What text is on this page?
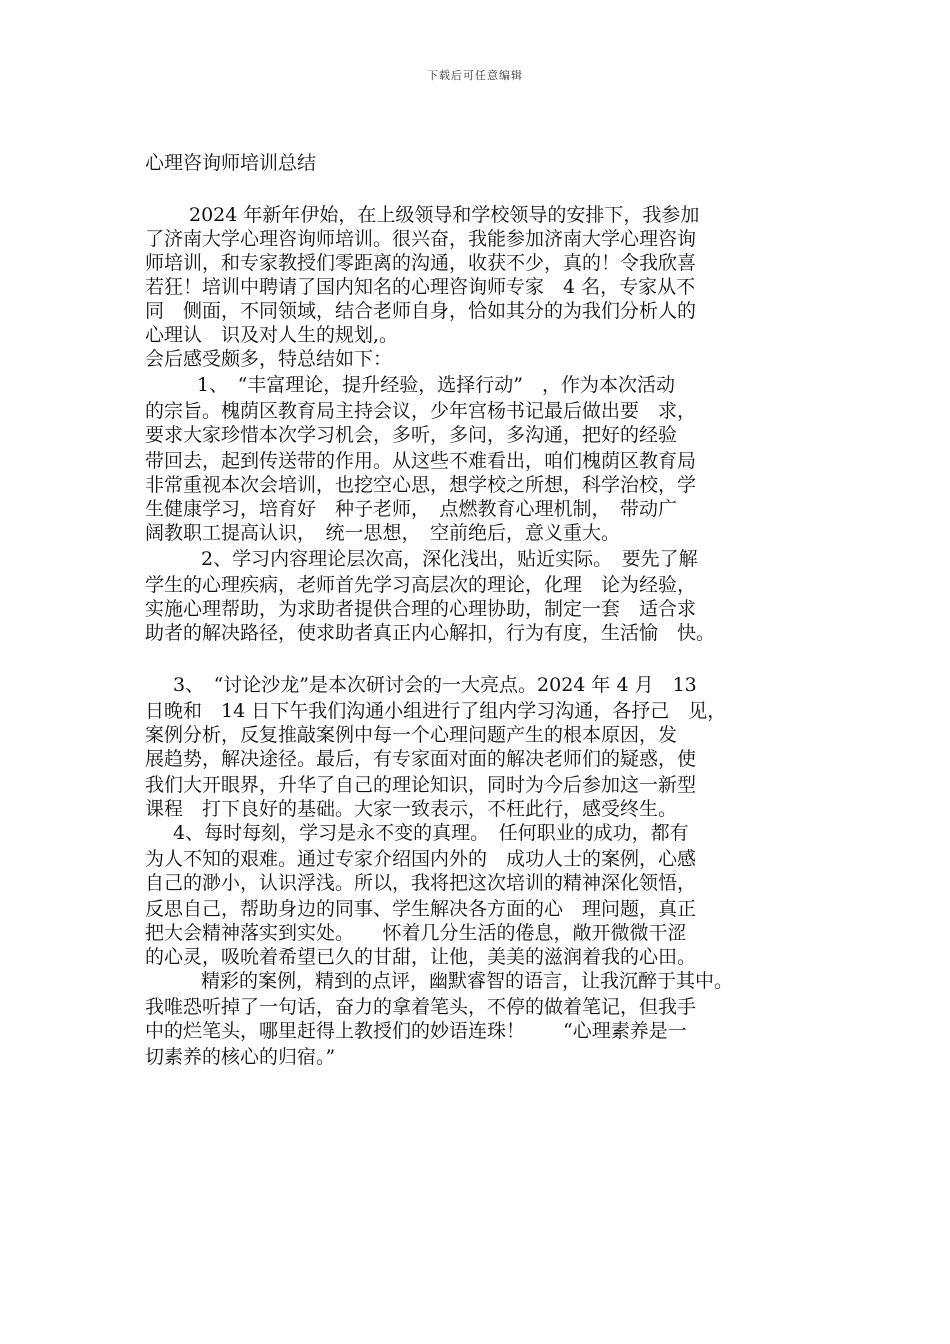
下载后可任意编辑
心理咨询师培训总结
2024 年新年伊始，在上级领导和学校领导的安排下，我参加
了济南大学心理咨询师培训。很兴奋，我能参加济南大学心理咨询
师培训，和专家教授们零距离的沟通，收获不少，真的！令我欣喜
若狂！培训中聘请了国内知名的心理咨询师专家　4 名，专家从不
同　侧面，不同领域，结合老师自身，恰如其分的为我们分析人的
心理认　识及对人生的规划,。
会后感受颇多，特总结如下：
1、　“丰富理论，提升经验，选择行动”　，作为本次活动
的宗旨。槐荫区教育局主持会议，少年宫杨书记最后做出要　求，
要求大家珍惜本次学习机会，多听，多问，多沟通，把好的经验
带回去，起到传送带的作用。从这些不难看出，咱们槐荫区教育局
非常重视本次会培训，也挖空心思，想学校之所想，科学治校，学
生健康学习，培育好　种子老师，　点燃教育心理机制，　带动广
阔教职工提高认识，　统一思想，　空前绝后，意义重大。
2、学习内容理论层次高，深化浅出，贴近实际。　要先了解
学生的心理疾病，老师首先学习高层次的理论，化理　论为经验，
实施心理帮助，为求助者提供合理的心理协助，制定一套　适合求
助者的解决路径，使求助者真正内心解扣，行为有度，生活愉　快。
3、　“讨论沙龙”是本次研讨会的一大亮点。2024 年 4 月　13
日晚和　14 日下午我们沟通小组进行了组内学习沟通，各抒己　见，
案例分析，反复推敲案例中每一个心理问题产生的根本原因，发
展趋势，解决途径。最后，有专家面对面的解决老师们的疑惑，使
我们大开眼界，升华了自己的理论知识，同时为今后参加这一新型
课程　打下良好的基础。大家一致表示，不枉此行，感受终生。
4、每时每刻，学习是永不变的真理。　任何职业的成功，都有
为人不知的艰难。通过专家介绍国内外的　成功人士的案例，心感
自己的渺小，认识浮浅。所以，我将把这次培训的精神深化领悟，
反思自己，帮助身边的同事、学生解决各方面的心　理问题，真正
把大会精神落实到实处。　　怀着几分生活的倦息，敞开微微干涩
的心灵，吸吮着希望已久的甘甜，让他，美美的滋润着我的心田。
精彩的案例，精到的点评，幽默睿智的语言，让我沉醉于其中。
我唯恐听掉了一句话，奋力的拿着笔头，不停的做着笔记，但我手
中的烂笔头，哪里赶得上教授们的妙语连珠！　　“心理素养是一
切素养的核心的归宿。”
